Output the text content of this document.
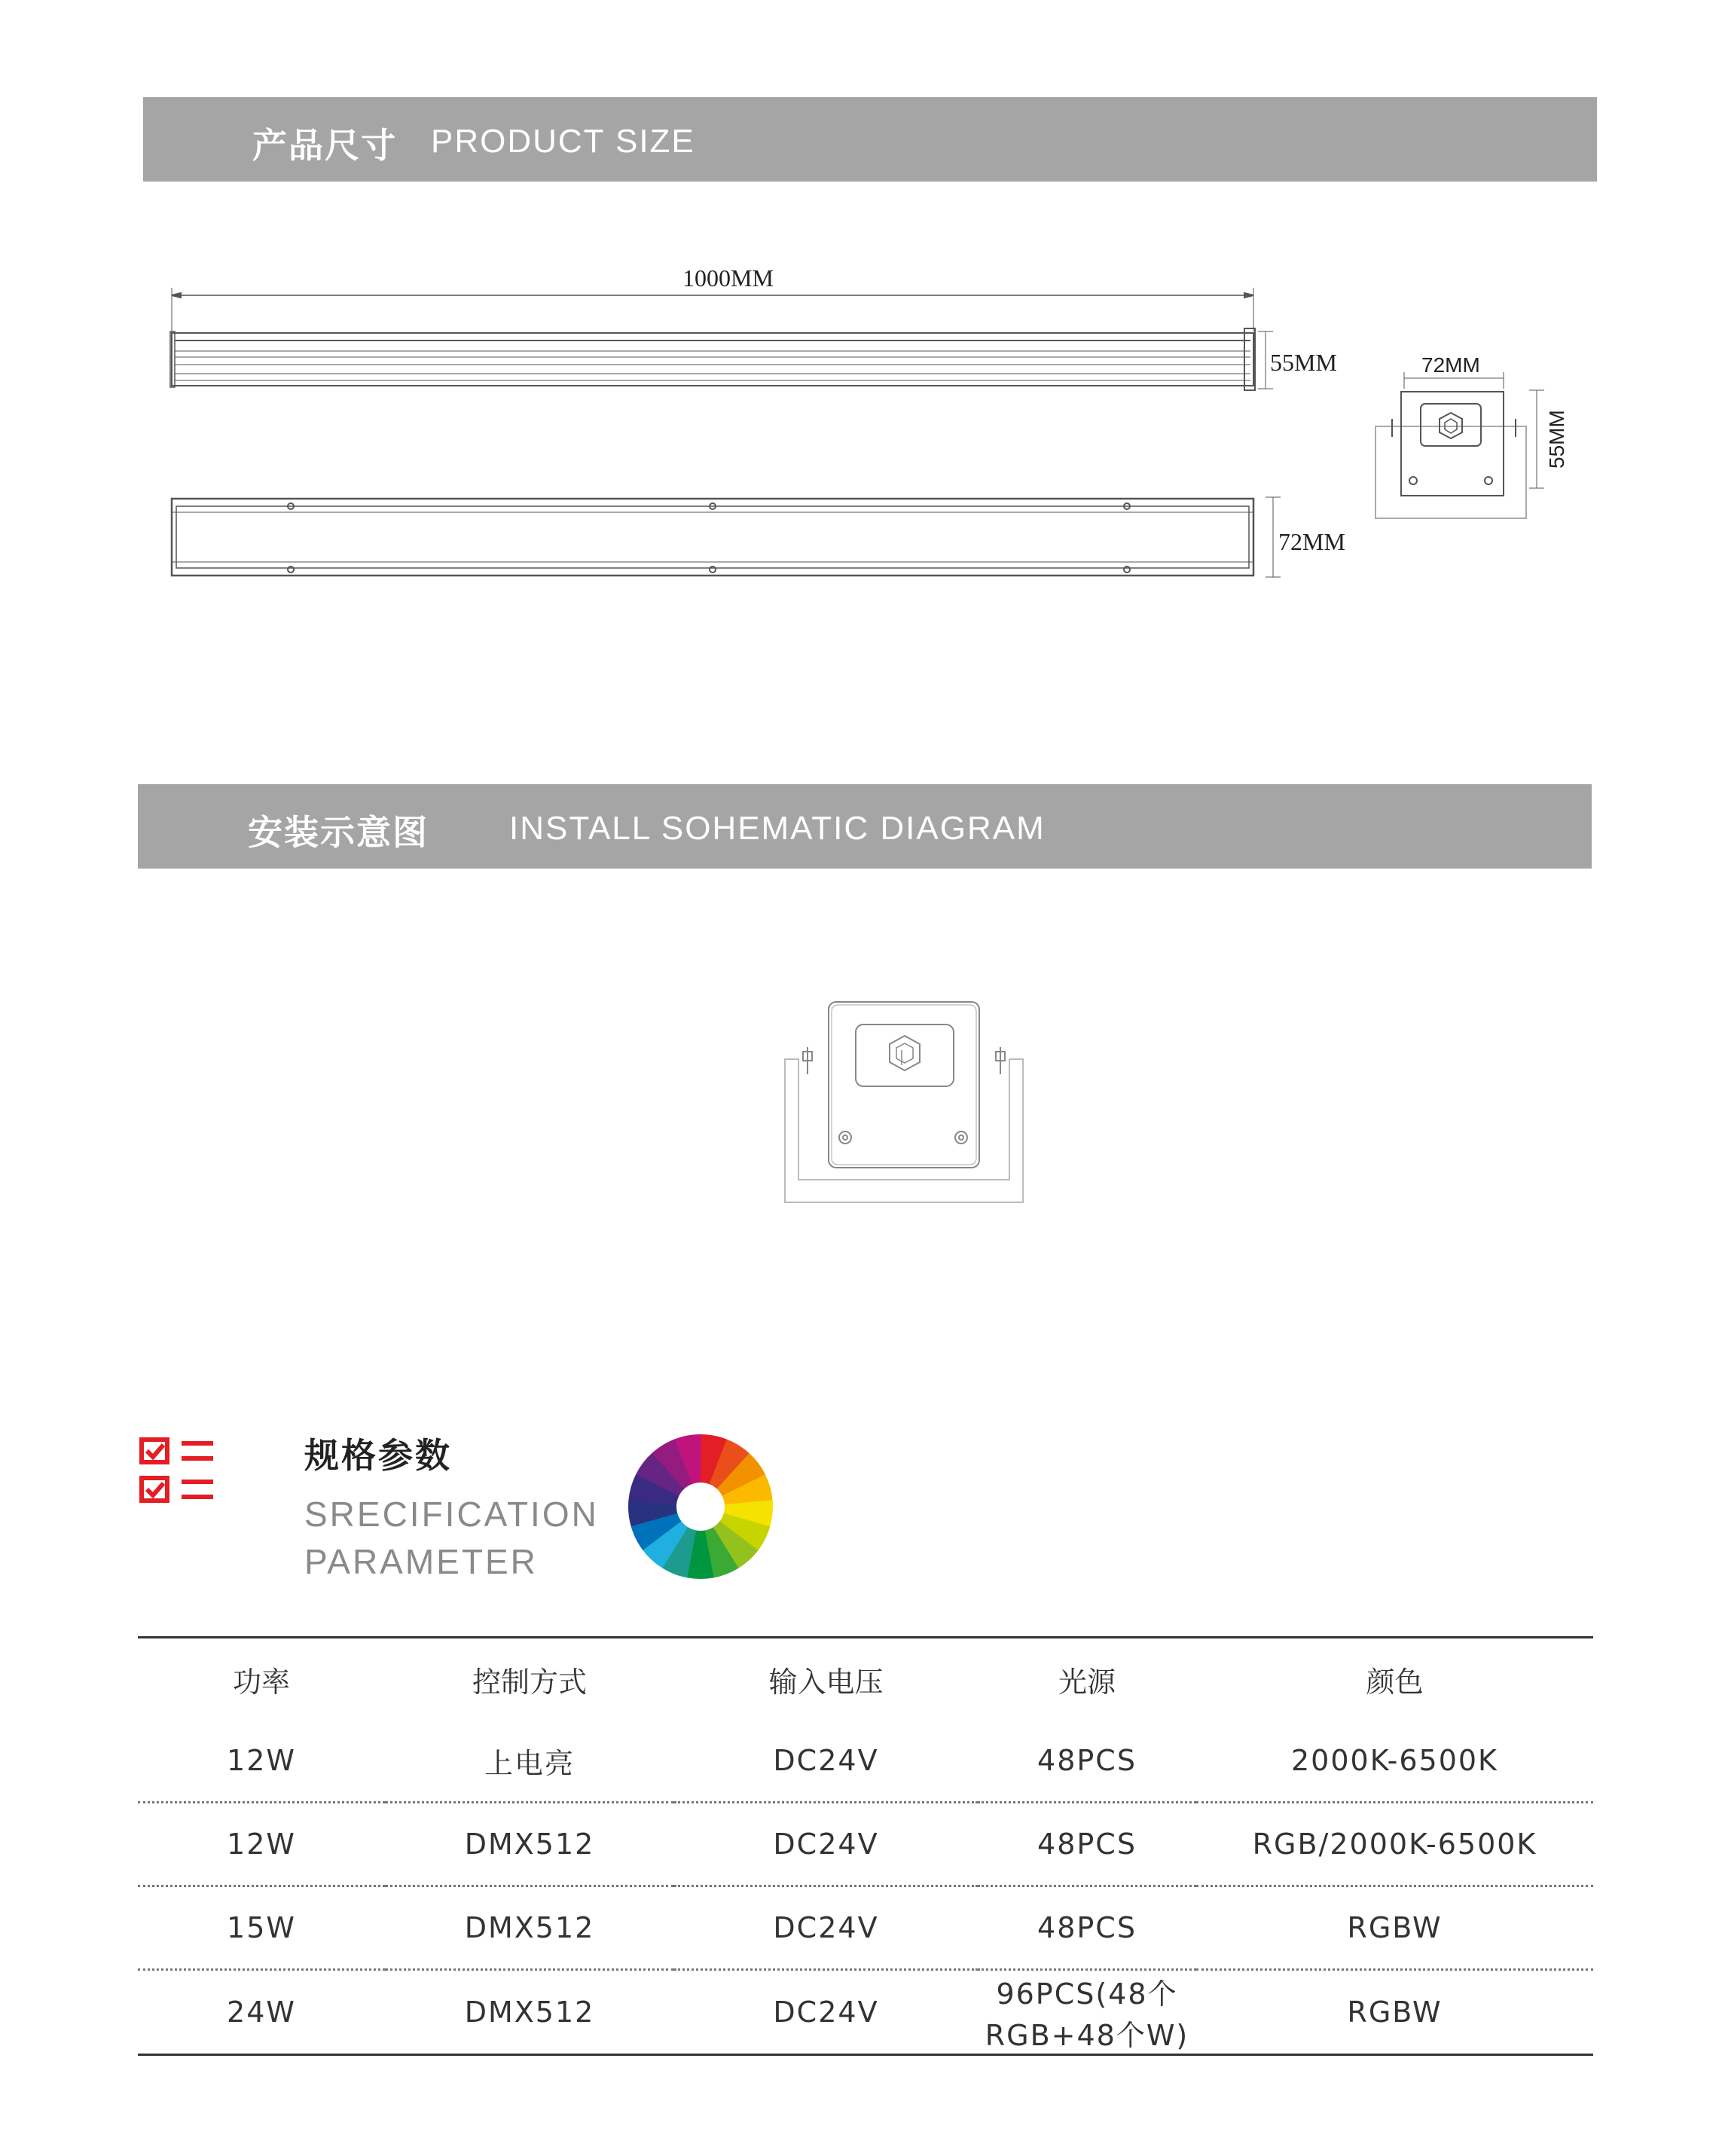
产品尺寸 PRODUCT SIZE
1000MM
55MM
72MM
72MM
55MM
安装示意图 INSTALL SOHEMATIC DIAGRAM
规格参数
SRECIFICATION
PARAMETER
功率	控制方式	输入电压	光源	颜色
12W	上电亮	DC24V	48PCS	2000K-6500K
12W	DMX512	DC24V	48PCS	RGB/2000K-6500K
15W	DMX512	DC24V	48PCS	RGBW
24W	DMX512	DC24V	96PCS(48个RGB+48个W)	RGBW
